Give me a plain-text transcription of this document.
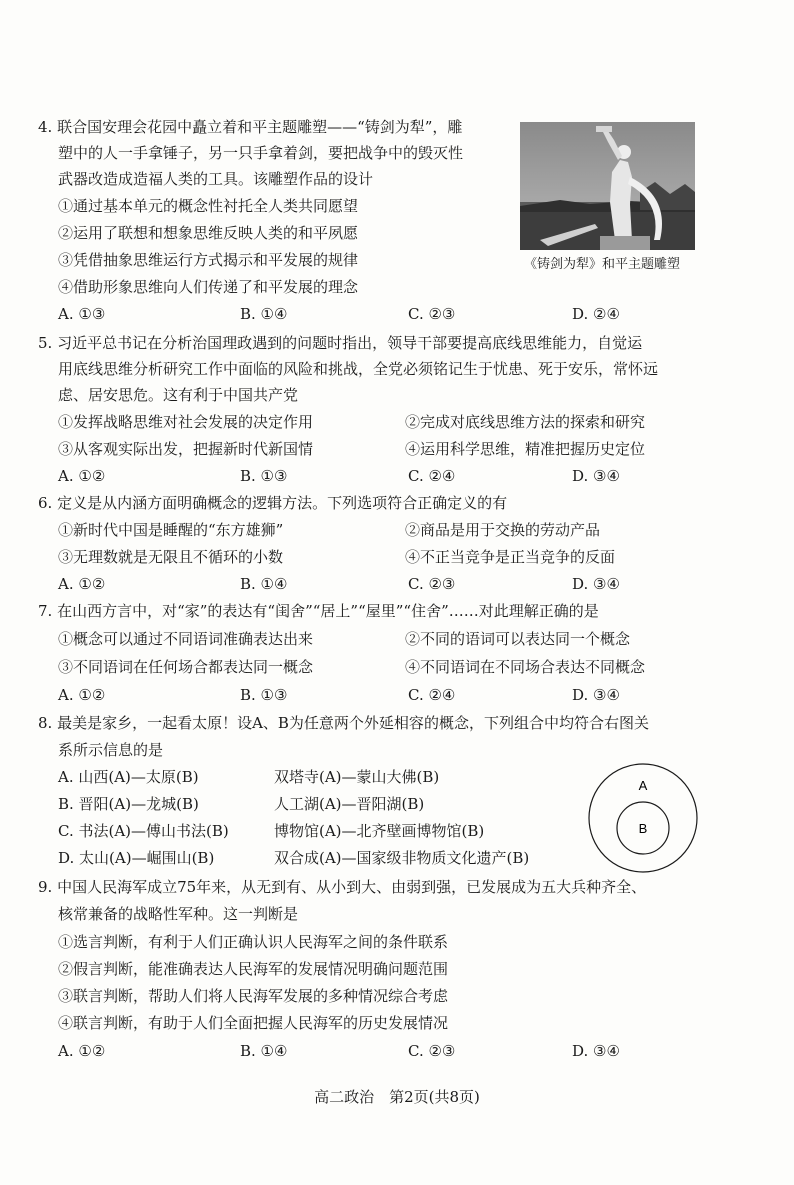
4. 联合国安理会花园中矗立着和平主题雕塑——“铸剑为犁”，雕
塑中的人一手拿锤子，另一只手拿着剑，要把战争中的毁灭性
武器改造成造福人类的工具。该雕塑作品的设计
①通过基本单元的概念性衬托全人类共同愿望
②运用了联想和想象思维反映人类的和平夙愿
③凭借抽象思维运行方式揭示和平发展的规律
④借助形象思维向人们传递了和平发展的理念
A. ①③	B. ①④	C. ②③	D. ②④
《铸剑为犁》和平主题雕塑
5. 习近平总书记在分析治国理政遇到的问题时指出，领导干部要提高底线思维能力，自觉运
用底线思维分析研究工作中面临的风险和挑战，全党必须铭记生于忧患、死于安乐，常怀远
虑、居安思危。这有利于中国共产党
①发挥战略思维对社会发展的决定作用	②完成对底线思维方法的探索和研究
③从客观实际出发，把握新时代新国情	④运用科学思维，精准把握历史定位
A. ①②	B. ①③	C. ②④	D. ③④
6. 定义是从内涵方面明确概念的逻辑方法。下列选项符合正确定义的有
①新时代中国是睡醒的“东方雄狮”	②商品是用于交换的劳动产品
③无理数就是无限且不循环的小数	④不正当竞争是正当竞争的反面
A. ①②	B. ①④	C. ②③	D. ③④
7. 在山西方言中，对“家”的表达有“闺舍”“居上”“屋里”“住舍”……对此理解正确的是
①概念可以通过不同语词准确表达出来	②不同的语词可以表达同一个概念
③不同语词在任何场合都表达同一概念	④不同语词在不同场合表达不同概念
A. ①②	B. ①③	C. ②④	D. ③④
8. 最美是家乡，一起看太原！设A、B为任意两个外延相容的概念，下列组合中均符合右图关
系所示信息的是
A. 山西(A)—太原(B)	双塔寺(A)—蒙山大佛(B)
B. 晋阳(A)—龙城(B)	人工湖(A)—晋阳湖(B)
C. 书法(A)—傅山书法(B)	博物馆(A)—北齐壁画博物馆(B)
D. 太山(A)—崛围山(B)	双合成(A)—国家级非物质文化遗产(B)
A
B
9. 中国人民海军成立75年来，从无到有、从小到大、由弱到强，已发展成为五大兵种齐全、
核常兼备的战略性军种。这一判断是
①选言判断，有利于人们正确认识人民海军之间的条件联系
②假言判断，能准确表达人民海军的发展情况明确问题范围
③联言判断，帮助人们将人民海军发展的多种情况综合考虑
④联言判断，有助于人们全面把握人民海军的历史发展情况
A. ①②	B. ①④	C. ②③	D. ③④
高二政治　第2页(共8页)
